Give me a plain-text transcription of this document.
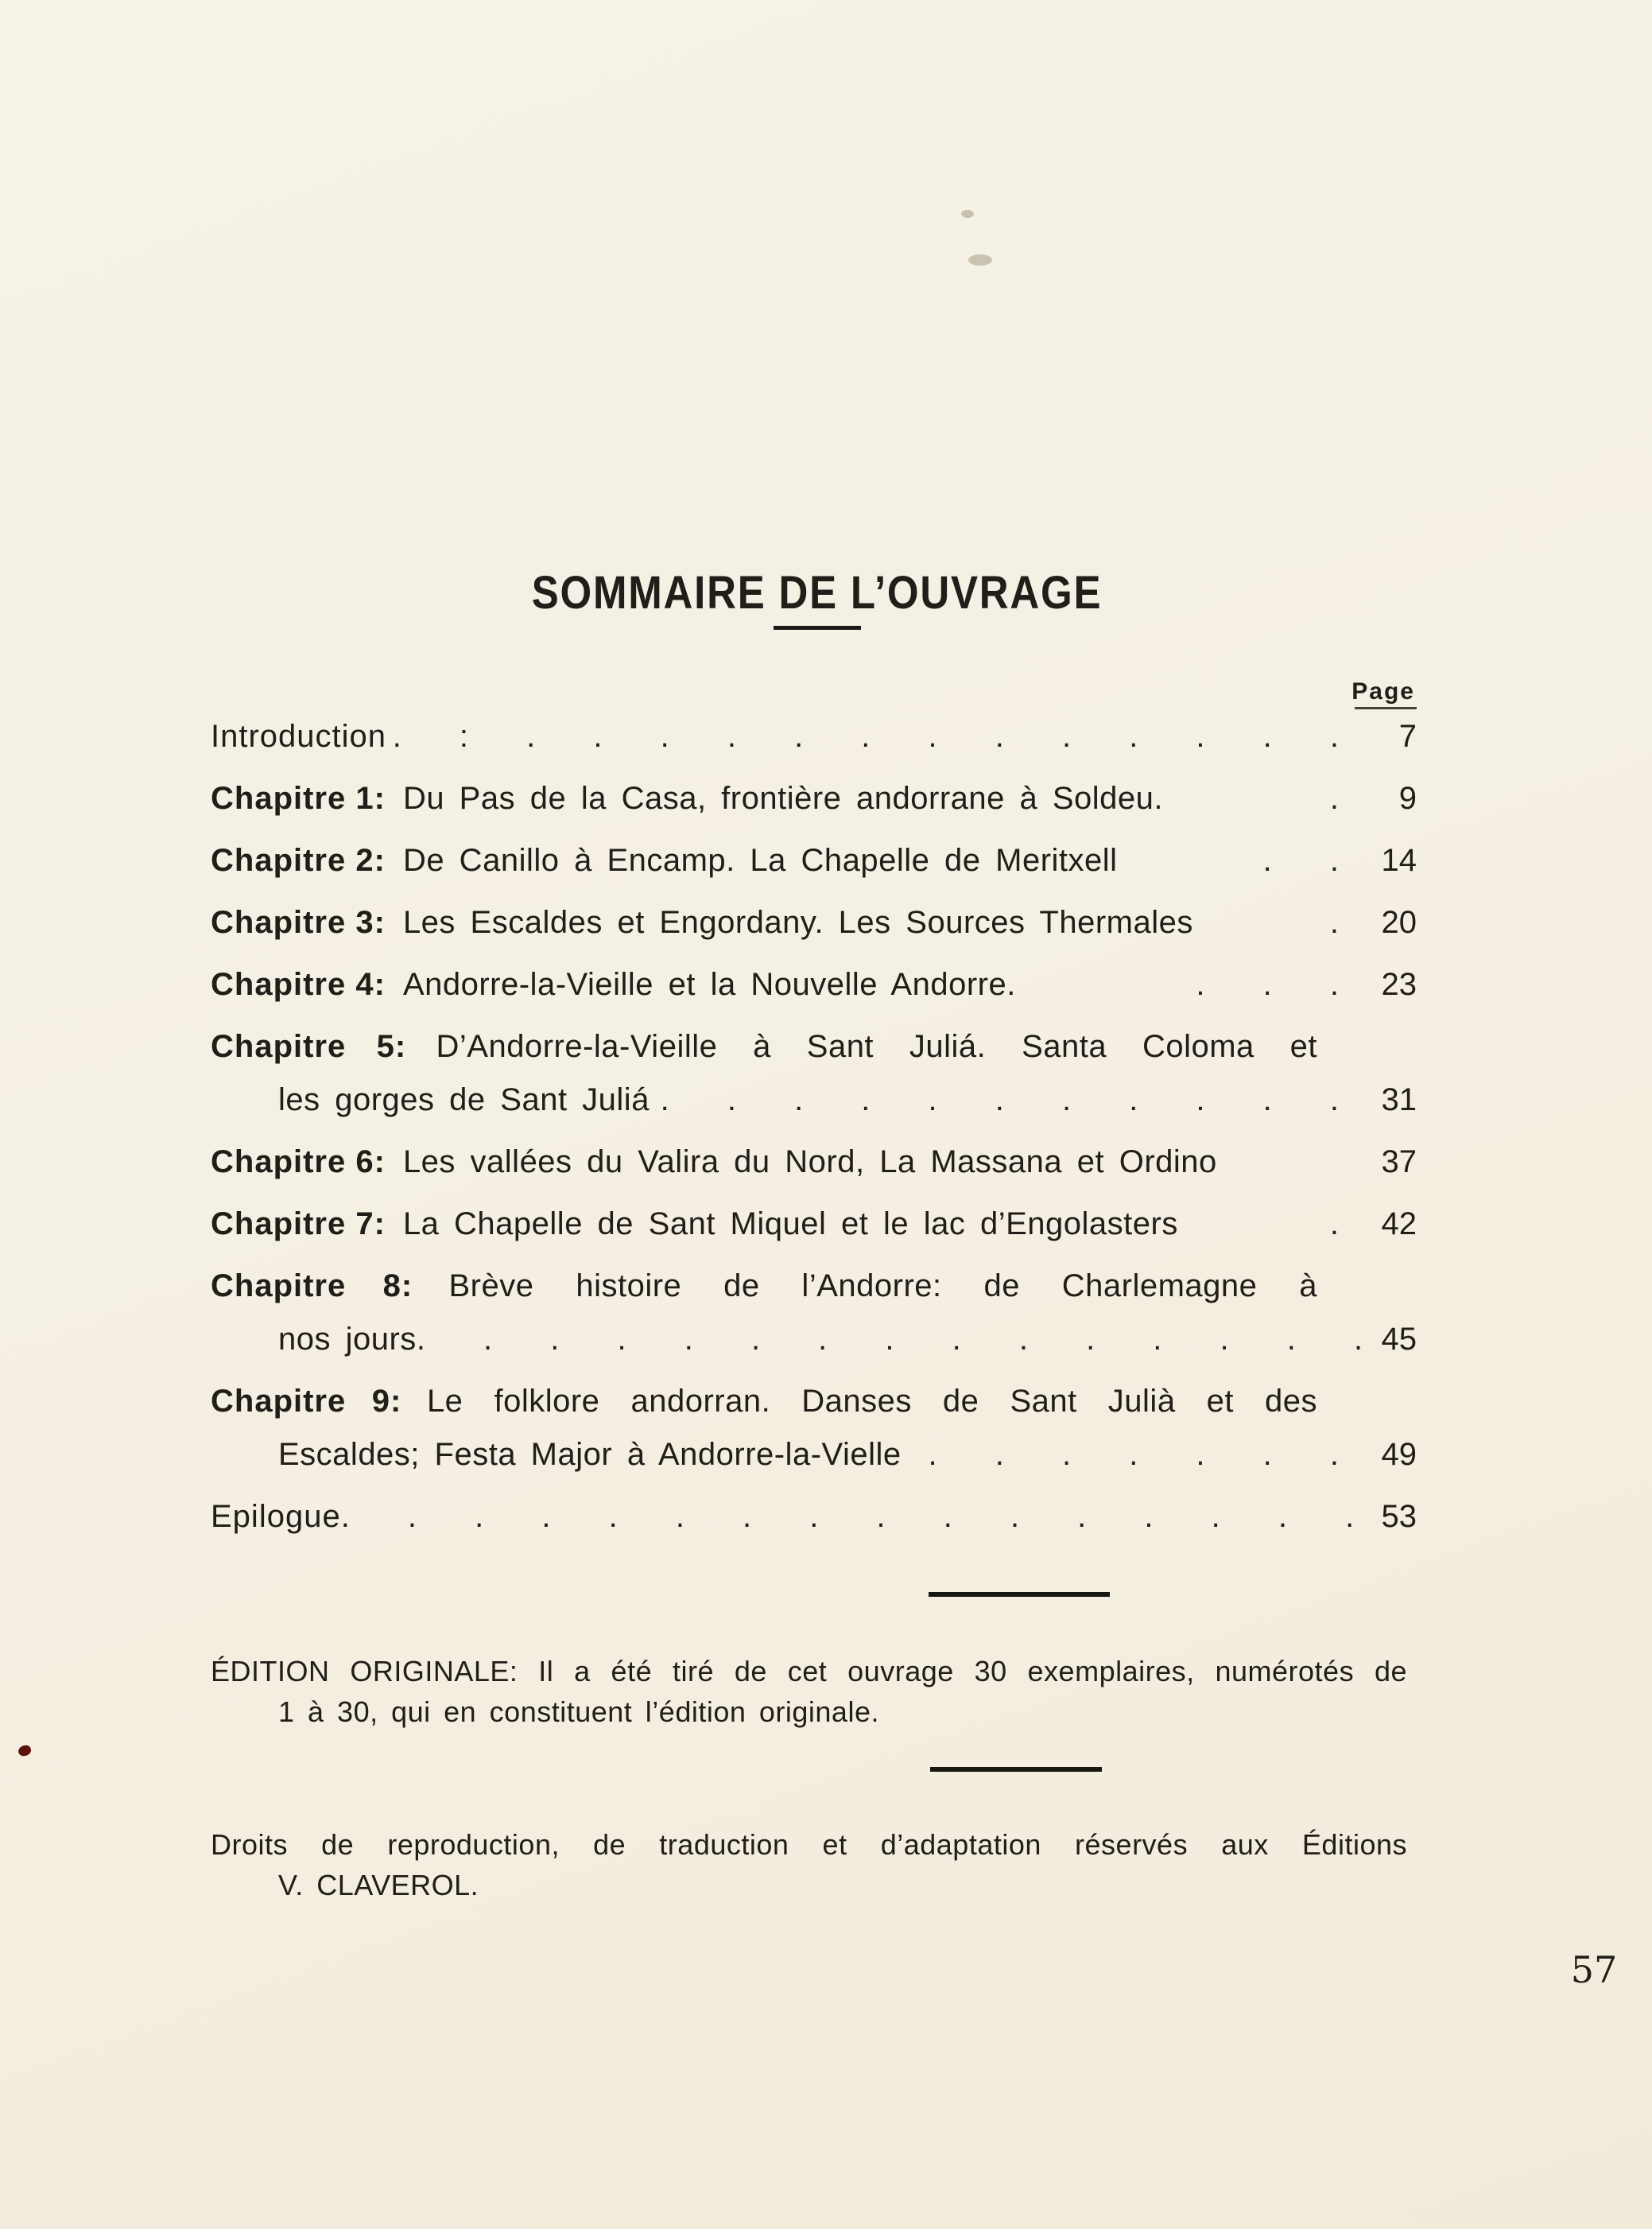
SOMMAIRE DE L’OUVRAGE
Page
Introduction . : . . . . . . . . . . . . .	7
Chapitre 1: Du Pas de la Casa, frontière andorrane à Soldeu.	.	9
Chapitre 2: De Canillo à Encamp. La Chapelle de Meritxell	. .	14
Chapitre 3: Les Escaldes et Engordany. Les Sources Thermales	.	20
Chapitre 4: Andorre-la-Vieille et la Nouvelle Andorre.	. . .	23
Chapitre 5: D’Andorre-la-Vieille à Sant Juliá. Santa Coloma et
les gorges de Sant Juliá . . . . . . . . . . .	31
Chapitre 6: Les vallées du Valira du Nord, La Massana et Ordino	37
Chapitre 7: La Chapelle de Sant Miquel et le lac d’Engolasters	.	42
Chapitre 8: Brève histoire de l’Andorre: de Charlemagne à
nos jours . . . . . . . . . . . . . . . 45
Chapitre 9: Le folklore andorran. Danses de Sant Julià et des
Escaldes; Festa Major à Andorre-la-Vielle . . . . . . .	49
Epilogue . . . . . . . . . . . . . . . . 53
ÉDITION ORIGINALE: Il a été tiré de cet ouvrage 30 exemplaires, numérotés de
1 à 30, qui en constituent l’édition originale.
Droits de reproduction, de traduction et d’adaptation réservés aux Éditions
V. CLAVEROL.
57
